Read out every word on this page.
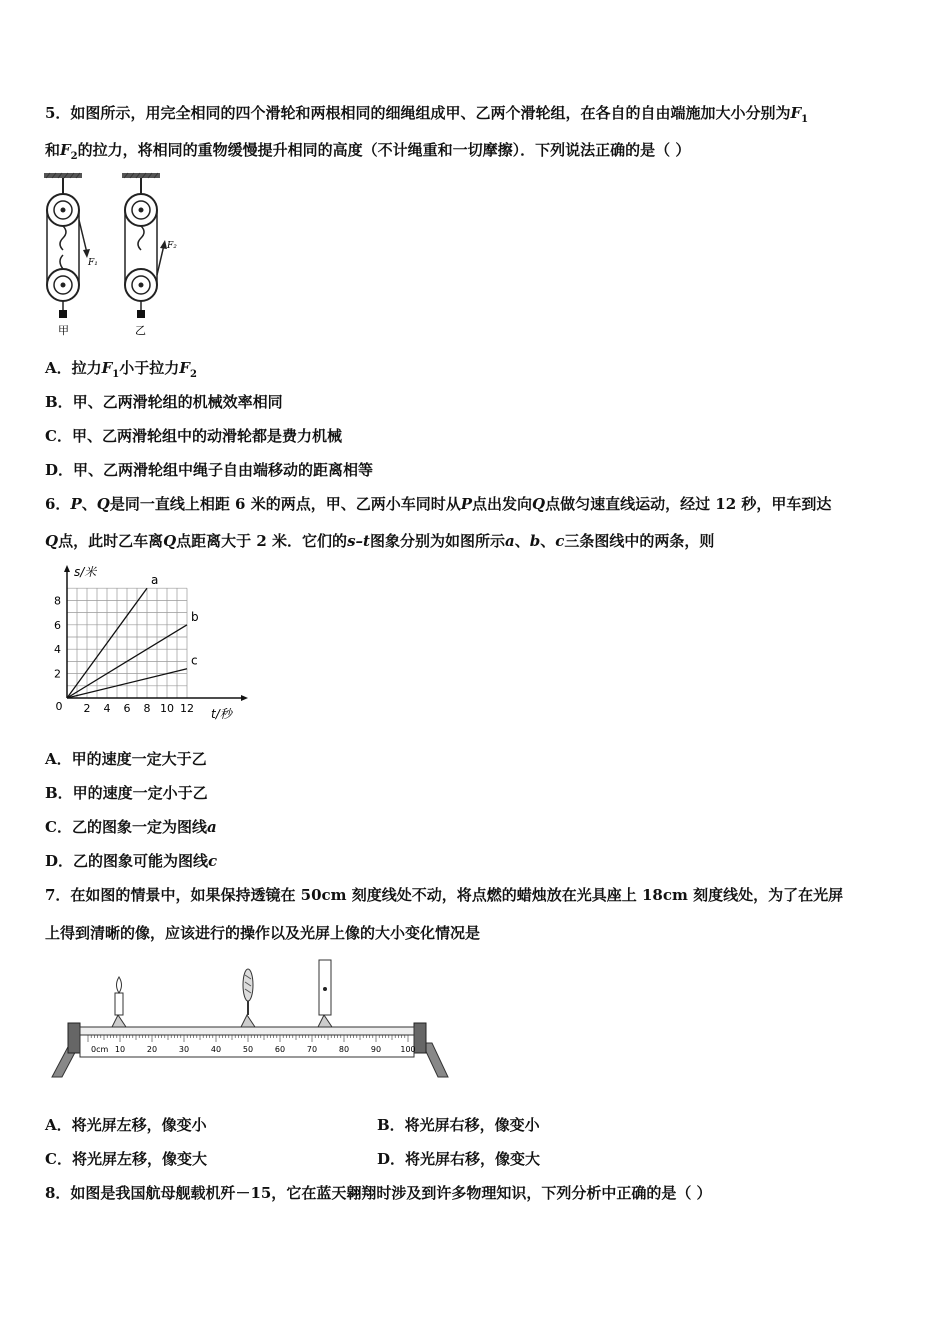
5．如图所示，用完全相同的四个滑轮和两根相同的细绳组成甲、乙两个滑轮组，在各自的自由端施加大小分别为$F_1$
和$F_2$的拉力，将相同的重物缓慢提升相同的高度（不计绳重和一切摩擦）．下列说法正确的是（ ）
F₁
甲
F₂
乙
A．拉力$F_1$小于拉力$F_2$
B．甲、乙两滑轮组的机械效率相同
C．甲、乙两滑轮组中的动滑轮都是费力机械
D．甲、乙两滑轮组中绳子自由端移动的距离相等
6．P、Q是同一直线上相距 6 米的两点，甲、乙两小车同时从P点出发向Q点做匀速直线运动，经过 12 秒，甲车到达
Q点，此时乙车离Q点距离大于 2 米．它们的s–t图象分别为如图所示a、b、c三条图线中的两条，则
s/米
t/秒
2 4 6 8 10 12
2
4
6
8
0
a
b
c
A．甲的速度一定大于乙
B．甲的速度一定小于乙
C．乙的图象一定为图线a
D．乙的图象可能为图线c
7．在如图的情景中，如果保持透镜在 50cm 刻度线处不动，将点燃的蜡烛放在光具座上 18cm 刻度线处，为了在光屏
上得到清晰的像，应该进行的操作以及光屏上像的大小变化情况是
0cm 10	20	30	40	50	60	70	80	90 100
A．将光屏左移，像变小	B．将光屏右移，像变小
C．将光屏左移，像变大	D．将光屏右移，像变大
8．如图是我国航母舰载机歼－15，它在蓝天翱翔时涉及到许多物理知识，下列分析中正确的是（ ）
